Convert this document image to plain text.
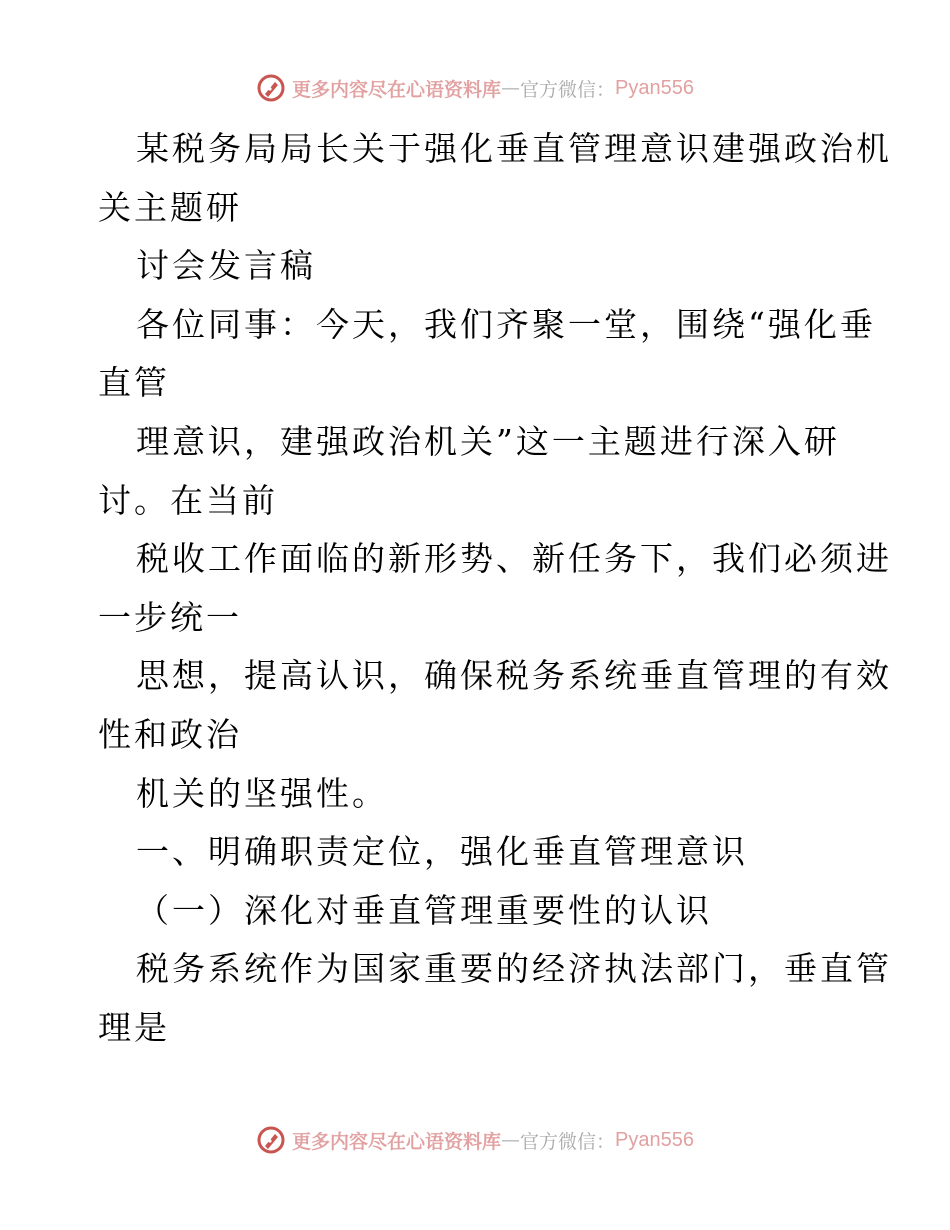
更多内容尽在心语资料库 — 官方微信： Pyan556
某税务局局长关于强化垂直管理意识建强政治机
关主题研
讨会发言稿
各位同事：今天，我们齐聚一堂，围绕“强化垂
直管
理意识，建强政治机关”这一主题进行深入研
讨。在当前
税收工作面临的新形势、新任务下，我们必须进
一步统一
思想，提高认识，确保税务系统垂直管理的有效
性和政治
机关的坚强性。
一、明确职责定位，强化垂直管理意识
（一）深化对垂直管理重要性的认识
税务系统作为国家重要的经济执法部门，垂直管
理是
更多内容尽在心语资料库 — 官方微信： Pyan556
